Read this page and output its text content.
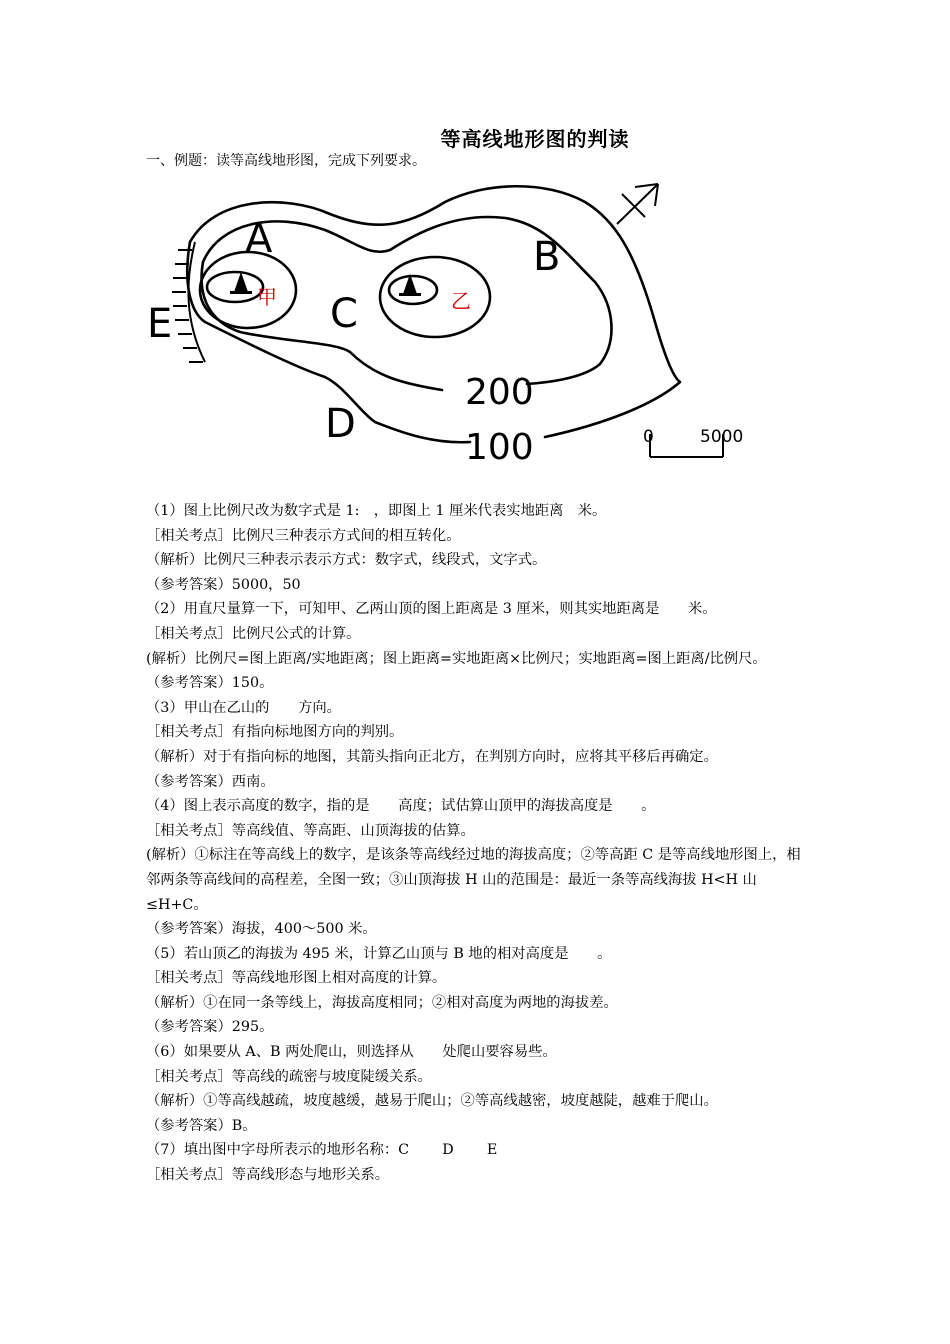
等高线地形图的判读
一、例题：读等高线地形图，完成下列要求。
A	B
C
D
E
甲	乙
200
100	0	5000

（1）图上比例尺改为数字式是 1:　，即图上 1 厘米代表实地距离　米。

［相关考点］比例尺三种表示方式间的相互转化。

（解析）比例尺三种表示表示方式：数字式，线段式，文字式。

（参考答案）5000，50

（2）用直尺量算一下，可知甲、乙两山顶的图上距离是 3 厘米，则其实地距离是　　米。

［相关考点］比例尺公式的计算。

(解析）比例尺=图上距离/实地距离；图上距离=实地距离×比例尺；实地距离=图上距离/比例尺。

（参考答案）150。

（3）甲山在乙山的　　方向。

［相关考点］有指向标地图方向的判别。

（解析）对于有指向标的地图，其箭头指向正北方，在判别方向时，应将其平移后再确定。

（参考答案）西南。

（4）图上表示高度的数字，指的是　　高度；试估算山顶甲的海拔高度是　　。

［相关考点］等高线值、等高距、山顶海拔的估算。

(解析）①标注在等高线上的数字，是该条等高线经过地的海拔高度；②等高距 C 是等高线地形图上，相邻两条等高线间的高程差，全图一致；③山顶海拔 H 山的范围是：最近一条等高线海拔 H<H 山≤H+C。

（参考答案）海拔，400～500 米。

（5）若山顶乙的海拔为 495 米，计算乙山顶与 B 地的相对高度是　　。

［相关考点］等高线地形图上相对高度的计算。

（解析）①在同一条等线上，海拔高度相同；②相对高度为两地的海拔差。

（参考答案）295。

（6）如果要从 A、B 两处爬山，则选择从　　处爬山要容易些。

［相关考点］等高线的疏密与坡度陡缓关系。

（解析）①等高线越疏，坡度越缓，越易于爬山；②等高线越密，坡度越陡，越难于爬山。

（参考答案）B。

（7）填出图中字母所表示的地形名称：C　　 D　　 E

［相关考点］等高线形态与地形关系。
